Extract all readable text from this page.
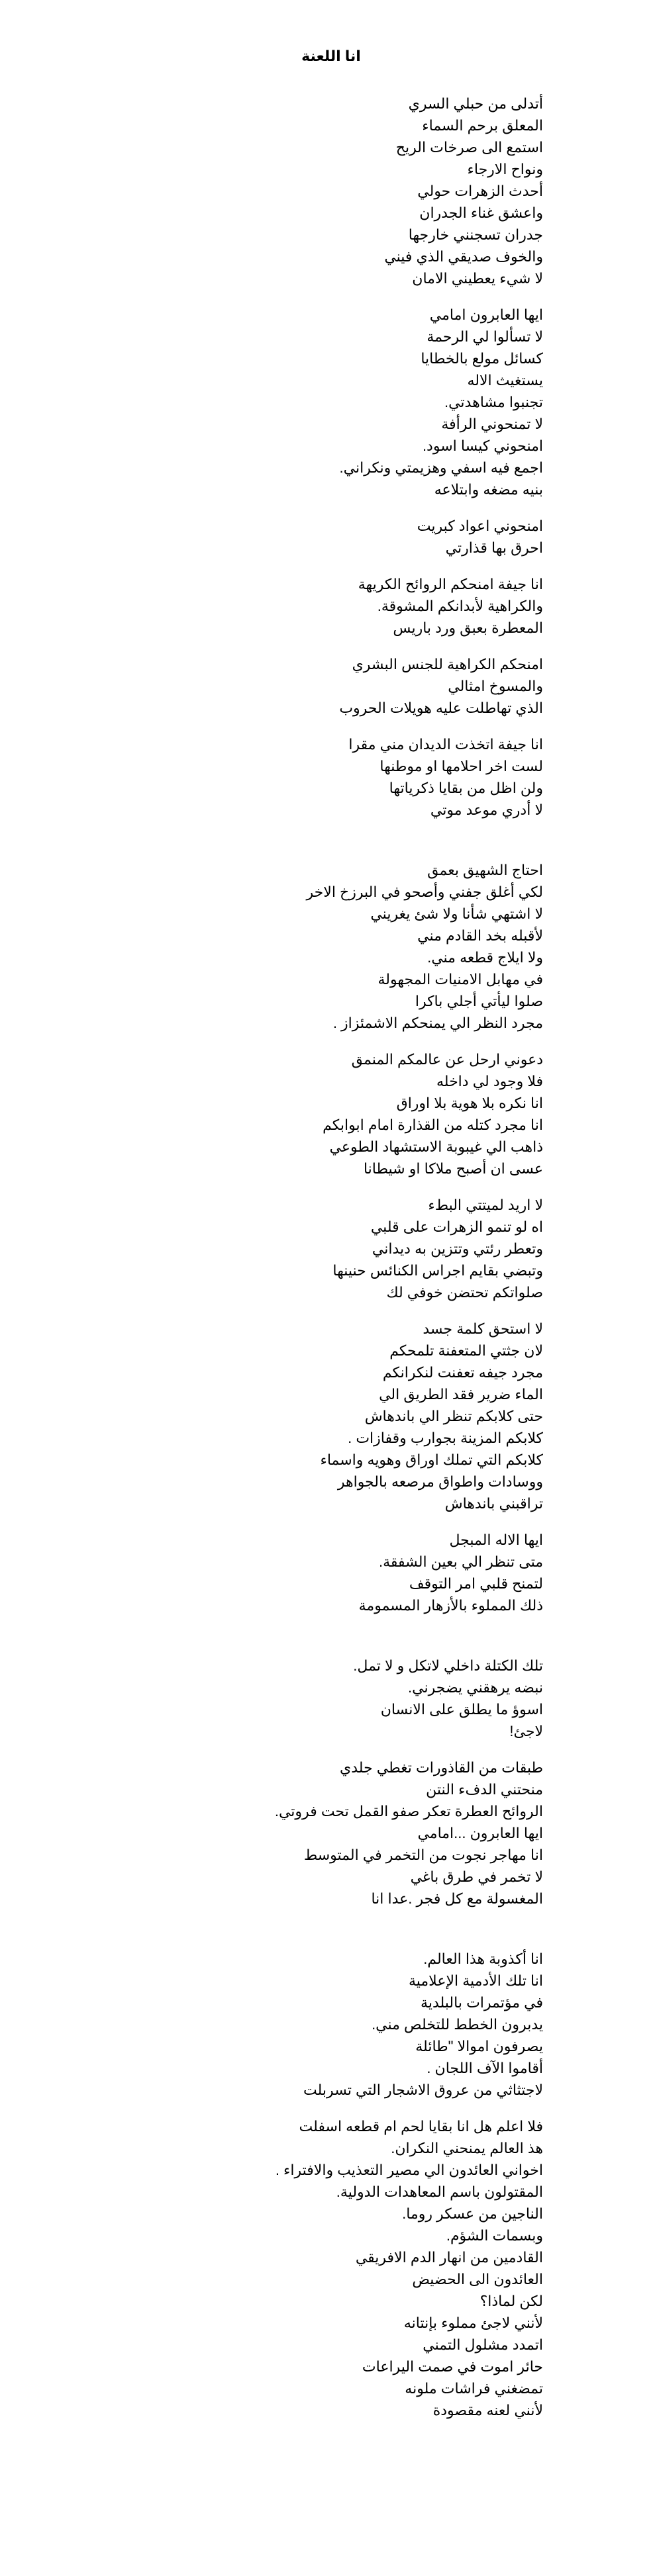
انا اللعنة
أتدلى من حبلي السري
المعلق برحم السماء
استمع الى صرخات الريح
ونواح الارجاء
أحدث الزهرات حولي
واعشق غناء الجدران
جدران تسجنني خارجها
والخوف صديقي الذي فيني
لا شيء يعطيني الامان
ايها العابرون امامي
لا تسألوا لي الرحمة
كسائل مولع بالخطايا
يستغيث الاله
تجنبوا مشاهدتي.
لا تمنحوني الرأفة
امنحوني كيسا اسود.
اجمع فيه اسفي وهزيمتي ونكراني.
بنيه مضغه وابتلاعه
امنحوني اعواد كبريت
احرق بها قذارتي
انا جيفة امنحكم الروائح الكريهة
والكراهية لأبدانكم المشوقة.
المعطرة بعبق ورد باريس
امنحكم الكراهية للجنس البشري
والمسوخ امثالي
الذي تهاطلت عليه هويلات الحروب
انا جيفة اتخذت الديدان مني مقرا
لست اخر احلامها او موطنها
ولن اظل من بقايا ذكرياتها
لا أدري موعد موتي
احتاج الشهيق بعمق
لكي أغلق جفني وأصحو في البرزخ الاخر
لا اشتهي شأنا ولا شئ يغريني
لأقبله بخد القادم مني
ولا ايلاج قطعه مني.
في مهابل الامنيات المجهولة
صلوا ليأتي أجلي باكرا
مجرد النظر الي يمنحكم الاشمئزاز .
دعوني ارحل عن عالمكم المنمق
فلا وجود لي داخله
انا نكره بلا هوية بلا اوراق
انا مجرد كتله من القذارة امام ابوابكم
ذاهب الي غيبوبة الاستشهاد الطوعي
عسى ان أصبح ملاكا او شيطانا
لا اريد لميتتي البطء
اه لو تنمو الزهرات على قلبي
وتعطر رئتي وتتزين به ديداني
وتبضي بقايم اجراس الكنائس حنينها
صلواتكم تحتضن خوفي لك
لا استحق كلمة جسد
لان جثتي المتعفنة تلمحكم
مجرد جيفه تعفنت لنكرانكم
الماء ضرير فقد الطريق الي
حتى كلابكم تنظر الي باندهاش
كلابكم المزينة بجوارب وقفازات .
كلابكم التي تملك اوراق وهويه واسماء
ووسادات واطواق مرصعه بالجواهر
تراقبني باندهاش
ايها الاله المبجل
متى تنظر الي بعين الشفقة.
لتمنح قلبي امر التوقف
ذلك المملوء بالأزهار المسمومة
تلك الكتلة داخلي لاتكل و لا تمل.
نبضه يرهقني يضجرني.
اسوؤ ما يطلق على الانسان
لاجئ!
طبقات من القاذورات تغطي جلدي
منحتني الدفء النتن
الروائح العطرة تعكر صفو القمل تحت فروتي.
ايها العابرون ...امامي
انا مهاجر نجوت من التخمر في المتوسط
لا تخمر في طرق باغي
المغسولة مع كل فجر .عدا انا
انا أكذوبة هذا العالم.
انا تلك الأدمية الإعلامية
في مؤتمرات بالبلدية
يدبرون الخطط للتخلص مني.
يصرفون اموالا "طائلة
أقاموا الآف اللجان .
لاجتثاثي من عروق الاشجار التي تسربلت
فلا اعلم هل انا بقايا لحم ام قطعه اسفلت
هذ العالم يمنحني النكران.
اخواني العائدون الي مصير التعذيب والافتراء .
المقتولون باسم المعاهدات الدولية.
الناجين من عسكر روما.
وبسمات الشؤم.
القادمين من انهار الدم الافريقي
العائدون الى الحضيض
لكن لماذا؟
لأنني لاجئ مملوء بإنتانه
اتمدد مشلول التمني
حائر اموت في صمت اليراعات
تمضغني فراشات ملونه
لأنني لعنه مقصودة
